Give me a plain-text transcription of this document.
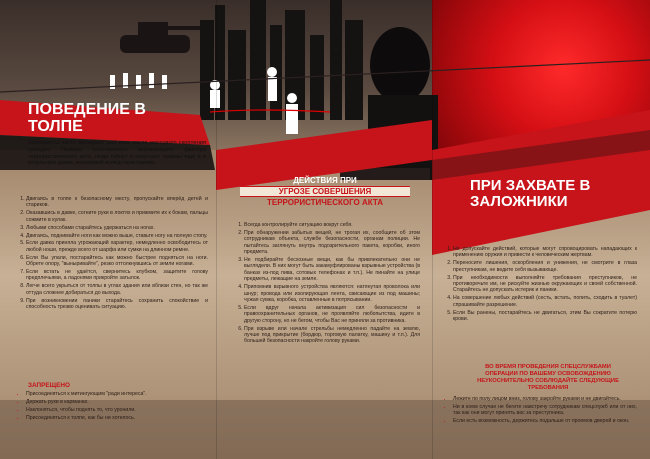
ПОВЕДЕНИЕ В ТОЛПЕ
Террористы часто выбирают для атак места массового скопления граждан. Помимо собственного поражающего фактора террористического акта, люди гибнут и получают травмы ещё и в результате давки, возникшей вследствии паники.
1. Двигаясь в толпе к безопасному месту, пропускайте вперёд детей и стариков.
2. Оказавшись в давке, согните руки в локтях и прижмите их к бокам, пальцы сожмите в кулак.
3. Любыми способами старайтесь удержаться на ногах.
4. Двигаясь, поднимайте ноги как можно выше, ставьте ногу на полную стопу.
5. Если давка приняла угрожающий характер, немедленно освободитесь от любой ноши, прежде всего от шарфа или сумки на длинном ремне.
6. Если Вы упали, постарайтесь как можно быстрее подняться на ноги. Обрете опору, "выныривайте", резко оттолкнувшись от земли ногами.
7. Если встать не удаётся, свернитесь клубком, защитите голову предплечьями, а ладонями прикройте затылок.
8. Легче всего укрыться от толпы в углах здания или вблизи стен, но так же оттуда сложнее добираться до выхода.
9. При возникновении паники старайтесь сохранить спокойствие и способность трезво оценивать ситуацию.
ЗАПРЕЩЕНО
• Присоединяться к митингующим "ради интереса".
• Держать руки в карманах.
• Наклоняться, чтобы поднять то, что уронили.
• Присоединяться к толпе, как бы ни хотелось.
ДЕЙСТВИЯ ПРИ
УГРОЗЕ СОВЕРШЕНИЯ
ТЕРРОРИСТИЧЕСКОГО АКТА
1. Всегда контролируйте ситуацию вокруг себя.
2. При обнаружении забытых вещей, не трогая их, сообщите об этом сотрудникам объекта, службе безопасности, органам полиции. Не пытайтесь заглянуть внутрь подозрительного пакета, коробки, иного предмета.
3. Не подбирайте бесхозные вещи, как бы привлекательно они не выглядели. В них могут быть закамуфлированы взрывные устройства (в банках из-под пива, сотовых телефонах и т.п.). Не пинайте на улице предметы, лежащие на земле.
4. Припомнив взрывного устройства являются: натянутая проволока или шнур; провода или изолирующая лента, свисающие из под машины; чужая сумка, коробка, оставленные в потрясывании.
5. Если вдруг начала активизация сил безопасности и правоохранительных органов, не проявляйте любопытства, идите в другую сторону, но не бегом, чтобы Вас не приняли за противника.
6. При взрыве или начале стрельбы немедленно падайте на землю, лучше под прикрытие (бордюр, торговую палатку, машину и т.п.). Для большей безопасности накройте голову руками.
ПРИ ЗАХВАТЕ В ЗАЛОЖНИКИ
1. Не допускайте действий, которые могут спровоцировать нападающих к применению оружия и привести к человеческим жертвам.
2. Переносите лишения, оскорбления и унижения, не смотрите в глаза преступникам, не ведите себя вызывающе.
3. При необходимости выполняйте требования преступников, не противоречьте им, не рискуйте жизнью окружающих и своей собственной. Старайтесь не допускать истерик и паники.
4. На совершение любых действий (сесть, встать, попить, сходить в туалет) спрашивайте разрешение.
5. Если Вы ранены, постарайтесь не двигаться, этим Вы сократите потерю крови.
ВО ВРЕМЯ ПРОВЕДЕНИЯ СПЕЦСЛУЖБАМИ ОПЕРАЦИИ ПО ВАШЕМУ ОСВОБОЖДЕНИЮ НЕУКОСНИТЕЛЬНО СОБЛЮДАЙТЕ СЛЕДУЮЩИЕ ТРЕБОВАНИЯ
• Лежите по полу лицом вниз, голову закройте руками и не двигайтесь.
• Ни в коем случае не бегите навстречу сотрудникам спецслужб или от них, так как они могут принять вас за преступника.
• Если есть возможность, держитесь подальше от проемов дверей и окон.
